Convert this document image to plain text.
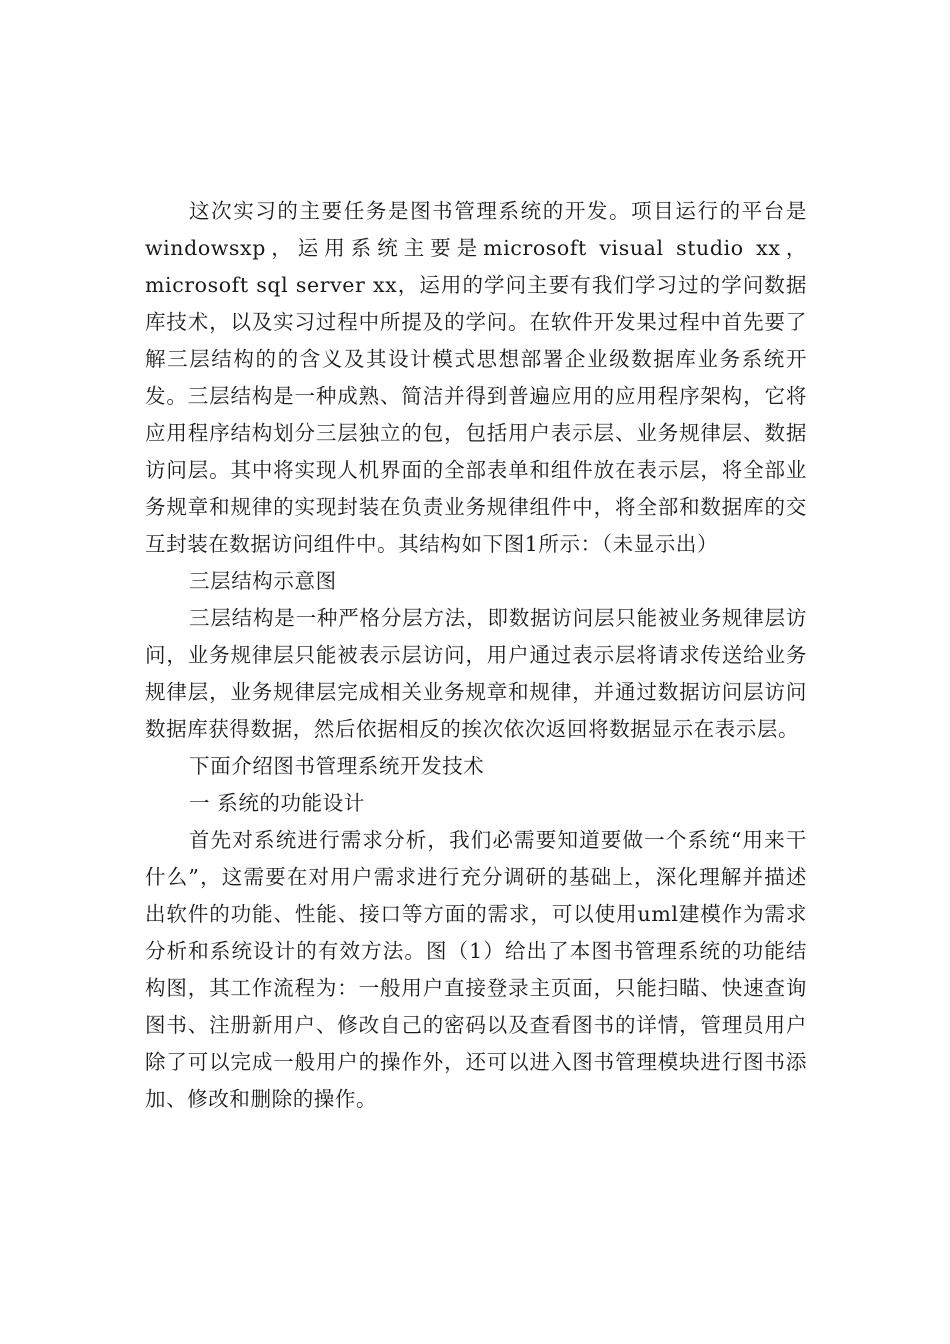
这次实习的主要任务是图书管理系统的开发。项目运行的平台是windowsxp，运用系统主要是microsoft visual studio xx，microsoft sql server xx，运用的学问主要有我们学习过的学问数据库技术，以及实习过程中所提及的学问。在软件开发果过程中首先要了解三层结构的的含义及其设计模式思想部署企业级数据库业务系统开发。三层结构是一种成熟、简洁并得到普遍应用的应用程序架构，它将应用程序结构划分三层独立的包，包括用户表示层、业务规律层、数据访问层。其中将实现人机界面的全部表单和组件放在表示层，将全部业务规章和规律的实现封装在负责业务规律组件中，将全部和数据库的交互封装在数据访问组件中。其结构如下图1所示：（未显示出）

三层结构示意图

三层结构是一种严格分层方法，即数据访问层只能被业务规律层访问，业务规律层只能被表示层访问，用户通过表示层将请求传送给业务规律层，业务规律层完成相关业务规章和规律，并通过数据访问层访问数据库获得数据，然后依据相反的挨次依次返回将数据显示在表示层。

下面介绍图书管理系统开发技术

一 系统的功能设计

首先对系统进行需求分析，我们必需要知道要做一个系统“用来干什么”，这需要在对用户需求进行充分调研的基础上，深化理解并描述出软件的功能、性能、接口等方面的需求，可以使用uml建模作为需求分析和系统设计的有效方法。图（1）给出了本图书管理系统的功能结构图，其工作流程为：一般用户直接登录主页面，只能扫瞄、快速查询图书、注册新用户、修改自己的密码以及查看图书的详情，管理员用户除了可以完成一般用户的操作外，还可以进入图书管理模块进行图书添加、修改和删除的操作。
